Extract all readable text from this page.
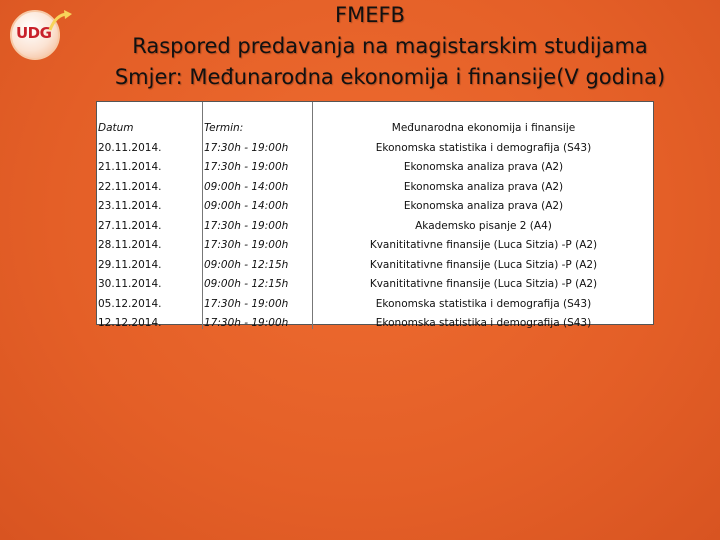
UDG
FMEFB
Raspored predavanja na magistarskim studijama
Smjer: Međunarodna ekonomija i finansije(V godina)
Datum	Termin:	Međunarodna ekonomija i finansije
20.11.2014.	17:30h - 19:00h	Ekonomska statistika i demografija (S43)
21.11.2014.	17:30h - 19:00h	Ekonomska analiza prava (A2)
22.11.2014.	09:00h - 14:00h	Ekonomska analiza prava (A2)
23.11.2014.	09:00h - 14:00h	Ekonomska analiza prava (A2)
27.11.2014.	17:30h - 19:00h	Akademsko pisanje 2 (A4)
28.11.2014.	17:30h - 19:00h	Kvanititativne finansije (Luca Sitzia) -P (A2)
29.11.2014.	09:00h - 12:15h	Kvanititativne finansije (Luca Sitzia) -P (A2)
30.11.2014.	09:00h - 12:15h	Kvanititativne finansije (Luca Sitzia) -P (A2)
05.12.2014.	17:30h - 19:00h	Ekonomska statistika i demografija (S43)
12.12.2014.	17:30h - 19:00h	Ekonomska statistika i demografija (S43)
